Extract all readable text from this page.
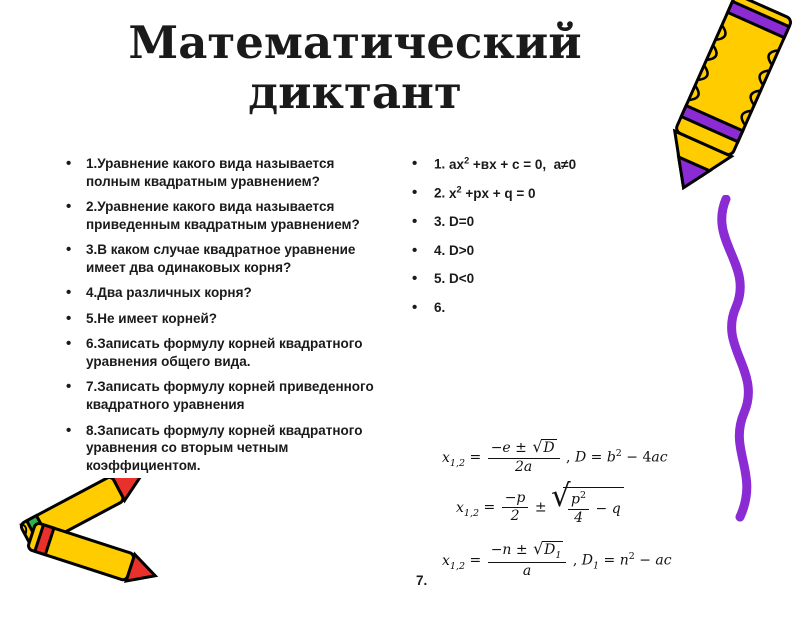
Математический диктант
• 1.Уравнение какого вида называется полным квадратным уравнением?
• 2.Уравнение какого вида называется приведенным квадратным уравнением?
• 3.В каком случае квадратное уравнение имеет два одинаковых корня?
• 4.Два различных корня?
• 5.Не имеет корней?
• 6.Записать формулу корней квадратного уравнения общего вида.
• 7.Записать формулу корней приведенного квадратного уравнения
• 8.Записать формулу корней квадратного уравнения со вторым четным коэффициентом.
• 1. $ax^2 +вx + c = 0$,  a≠0
• 2. $x^2 +px + q = 0$
• 3. D=0
• 4. D>0
• 5. D<0
• 6.
$x_{1,2} = \frac{-e \pm √ D}{2a}$ , $D = b^2 - 4ac$
$x_{1,2} = \frac{-p}{2}$ ± √ $\frac{p^2}{4} - q$
$x_{1,2} = \frac{-n \pm √ D_1}{a}$ , $D_1 = n^2$ − ac
7.
